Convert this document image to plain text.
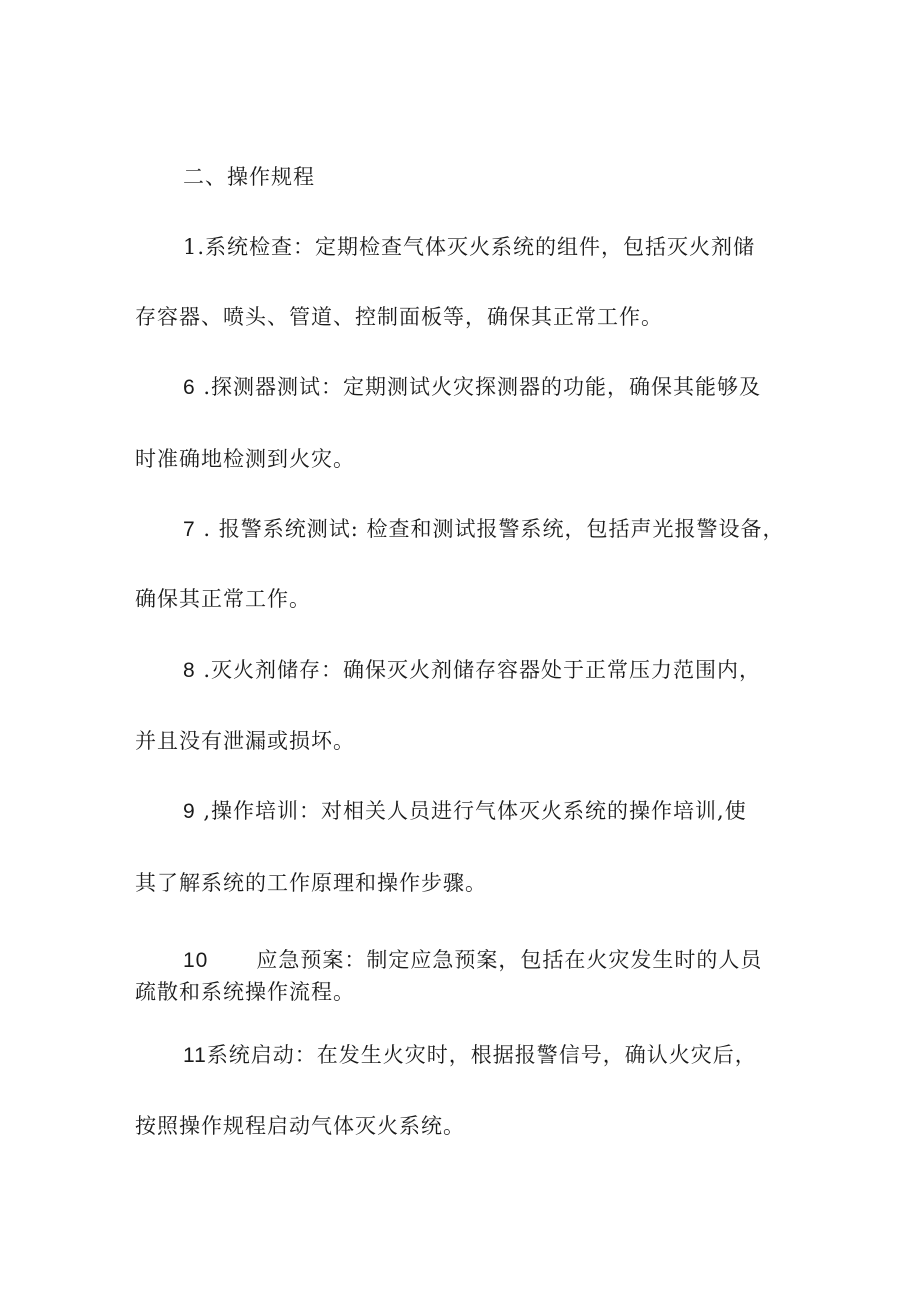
二、操作规程
1.系统检查：定期检查气体灭火系统的组件，包括灭火剂储
存容器、喷头、管道、控制面板等，确保其正常工作。
6 .探测器测试：定期测试火灾探测器的功能，确保其能够及
时准确地检测到火灾。
7 . 报警系统测试: 检查和测试报警系统，包括声光报警设备，
确保其正常工作。
8 .灭火剂储存：确保灭火剂储存容器处于正常压力范围内，
并且没有泄漏或损坏。
9 ,操作培训：对相关人员进行气体灭火系统的操作培训,使
其了解系统的工作原理和操作步骤。
10 应急预案：制定应急预案，包括在火灾发生时的人员
疏散和系统操作流程。
11系统启动：在发生火灾时，根据报警信号，确认火灾后，
按照操作规程启动气体灭火系统。
